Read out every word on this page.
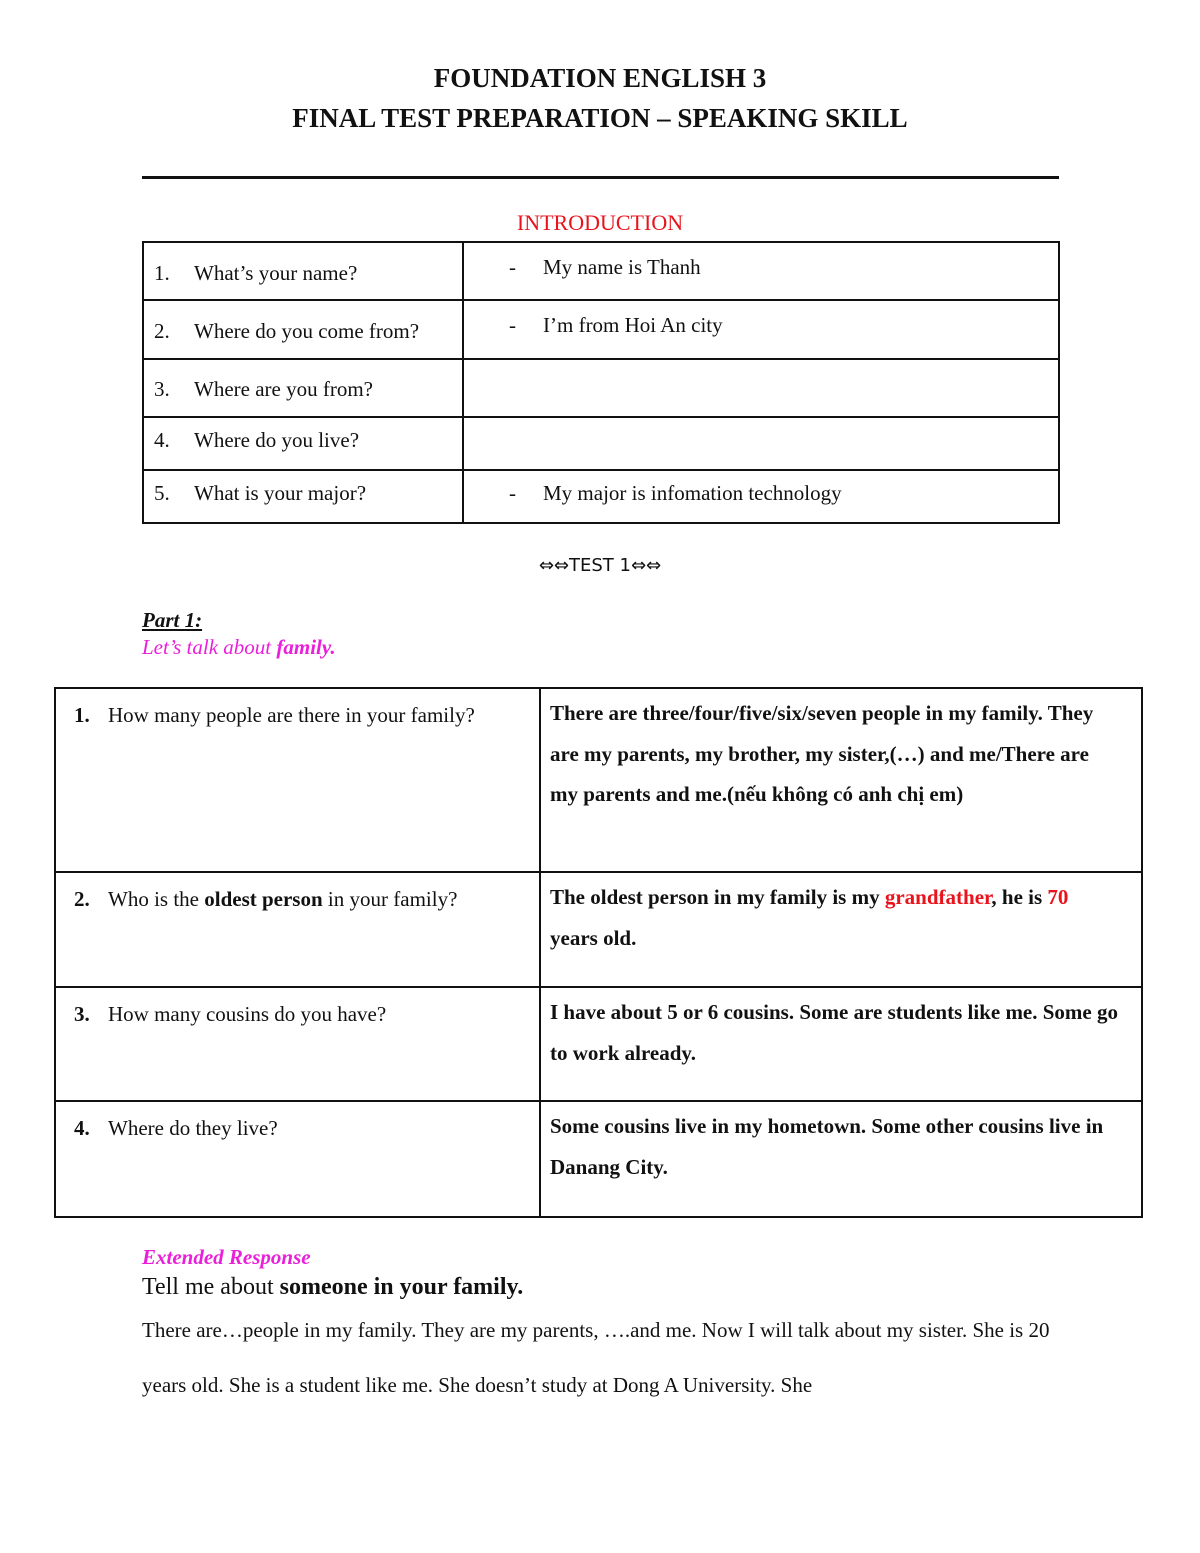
FOUNDATION ENGLISH 3
FINAL TEST PREPARATION – SPEAKING SKILL
INTRODUCTION
1. What’s your name?	- My name is Thanh

2. Where do you come from?	- I’m from Hoi An city

3. Where are you from?	

4. Where do you live?	

5. What is your major?	- My major is infomation technology
⇔⇔TEST 1⇔⇔
Part 1:
Let’s talk about family.
1. How many people are there in your family?	There are three/four/five/six/seven people in my family. They are my parents, my brother, my sister,(…) and me/There are my parents and me.(nếu không có anh chị em)

2. Who is the oldest person in your family?	The oldest person in my family is my grandfather, he is 70 years old.

3. How many cousins do you have?	I have about 5 or 6 cousins. Some are students like me. Some go to work already.

4. Where do they live?	Some cousins live in my hometown. Some other cousins live in Danang City.
Extended Response
Tell me about someone in your family.
There are…people in my family. They are my parents, ….and me. Now I will talk about my sister. She is 20 years old. She is a student like me. She doesn’t study at Dong A University. She
